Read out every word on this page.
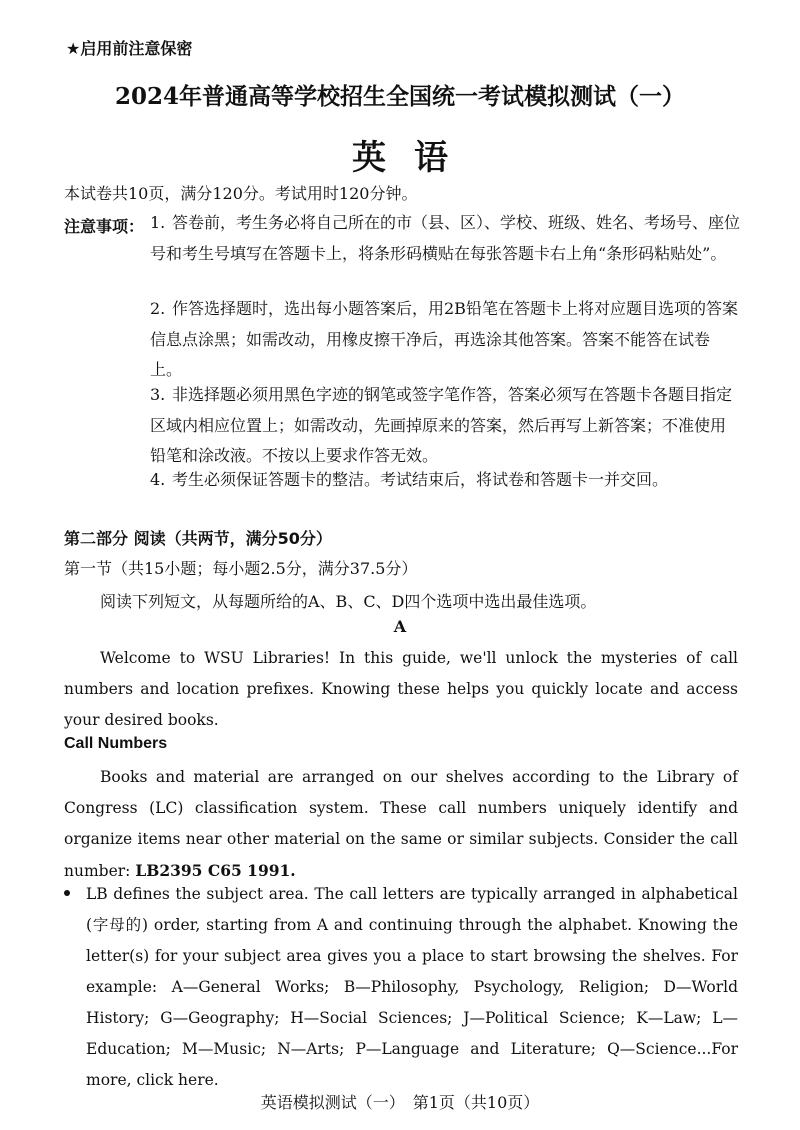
★启用前注意保密
2024年普通高等学校招生全国统一考试模拟测试（一）
英语
本试卷共10页，满分120分。考试用时120分钟。
注意事项： 1. 答卷前，考生务必将自己所在的市（县、区）、学校、班级、姓名、考场号、座位号和考生号填写在答题卡上，将条形码横贴在每张答题卡右上角“条形码粘贴处”。
2. 作答选择题时，选出每小题答案后，用2B铅笔在答题卡上将对应题目选项的答案信息点涂黑；如需改动，用橡皮擦干净后，再选涂其他答案。答案不能答在试卷上。
3. 非选择题必须用黑色字迹的钢笔或签字笔作答，答案必须写在答题卡各题目指定区域内相应位置上；如需改动，先画掉原来的答案，然后再写上新答案；不准使用铅笔和涂改液。不按以上要求作答无效。
4. 考生必须保证答题卡的整洁。考试结束后，将试卷和答题卡一并交回。
第二部分 阅读（共两节，满分50分）
第一节（共15小题；每小题2.5分，满分37.5分）
阅读下列短文，从每题所给的A、B、C、D四个选项中选出最佳选项。
A
Welcome to WSU Libraries! In this guide, we'll unlock the mysteries of call numbers and location prefixes. Knowing these helps you quickly locate and access your desired books.
Call Numbers
Books and material are arranged on our shelves according to the Library of Congress (LC) classification system. These call numbers uniquely identify and organize items near other material on the same or similar subjects. Consider the call number: LB2395 C65 1991.
LB defines the subject area. The call letters are typically arranged in alphabetical (字母的) order, starting from A and continuing through the alphabet. Knowing the letter(s) for your subject area gives you a place to start browsing the shelves. For example: A—General Works; B—Philosophy, Psychology, Religion; D—World History; G—Geography; H—Social Sciences; J—Political Science; K—Law; L—Education; M—Music; N—Arts; P—Language and Literature; Q—Science...For more, click here.
英语模拟测试（一）　第1页（共10页）
